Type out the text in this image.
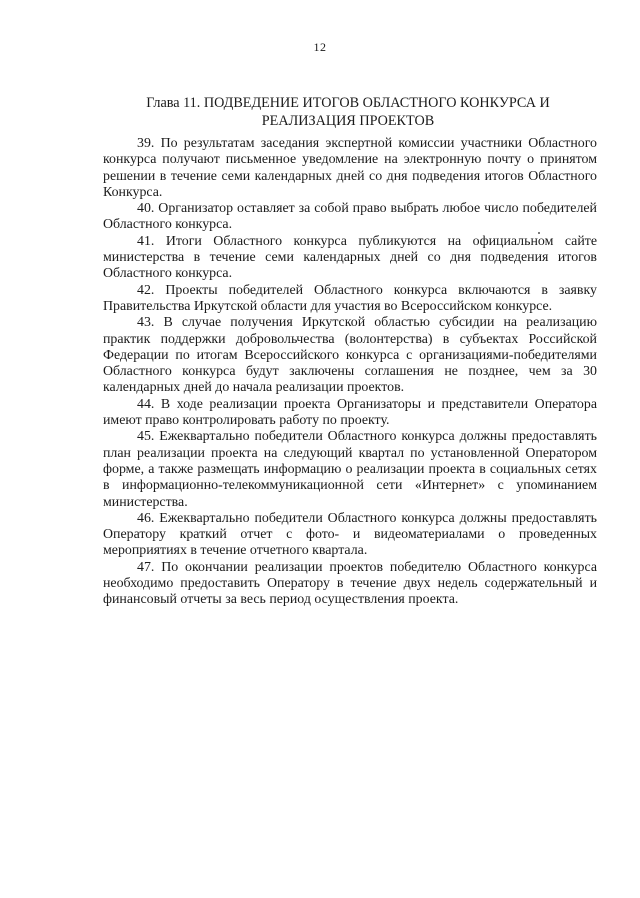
12
Глава 11. ПОДВЕДЕНИЕ ИТОГОВ ОБЛАСТНОГО КОНКУРСА И
РЕАЛИЗАЦИЯ ПРОЕКТОВ

39. По результатам заседания экспертной комиссии участники Областного конкурса получают письменное уведомление на электронную почту о принятом решении в течение семи календарных дней со дня подведения итогов Областного Конкурса.

40. Организатор оставляет за собой право выбрать любое число победителей Областного конкурса.

41. Итоги Областного конкурса публикуются на официальном сайте министерства в течение семи календарных дней со дня подведения итогов Областного конкурса.

42. Проекты победителей Областного конкурса включаются в заявку Правительства Иркутской области для участия во Всероссийском конкурсе.

43. В случае получения Иркутской областью субсидии на реализацию практик поддержки добровольчества (волонтерства) в субъектах Российской Федерации по итогам Всероссийского конкурса с организациями-победителями Областного конкурса будут заключены соглашения не позднее, чем за 30 календарных дней до начала реализации проектов.

44. В ходе реализации проекта Организаторы и представители Оператора имеют право контролировать работу по проекту.

45. Ежеквартально победители Областного конкурса должны предоставлять план реализации проекта на следующий квартал по установленной Оператором форме, а также размещать информацию о реализации проекта в социальных сетях в информационно-телекоммуникационной сети «Интернет» с упоминанием министерства.

46. Ежеквартально победители Областного конкурса должны предоставлять Оператору краткий отчет с фото- и видеоматериалами о проведенных мероприятиях в течение отчетного квартала.

47. По окончании реализации проектов победителю Областного конкурса необходимо предоставить Оператору в течение двух недель содержательный и финансовый отчеты за весь период осуществления проекта.
